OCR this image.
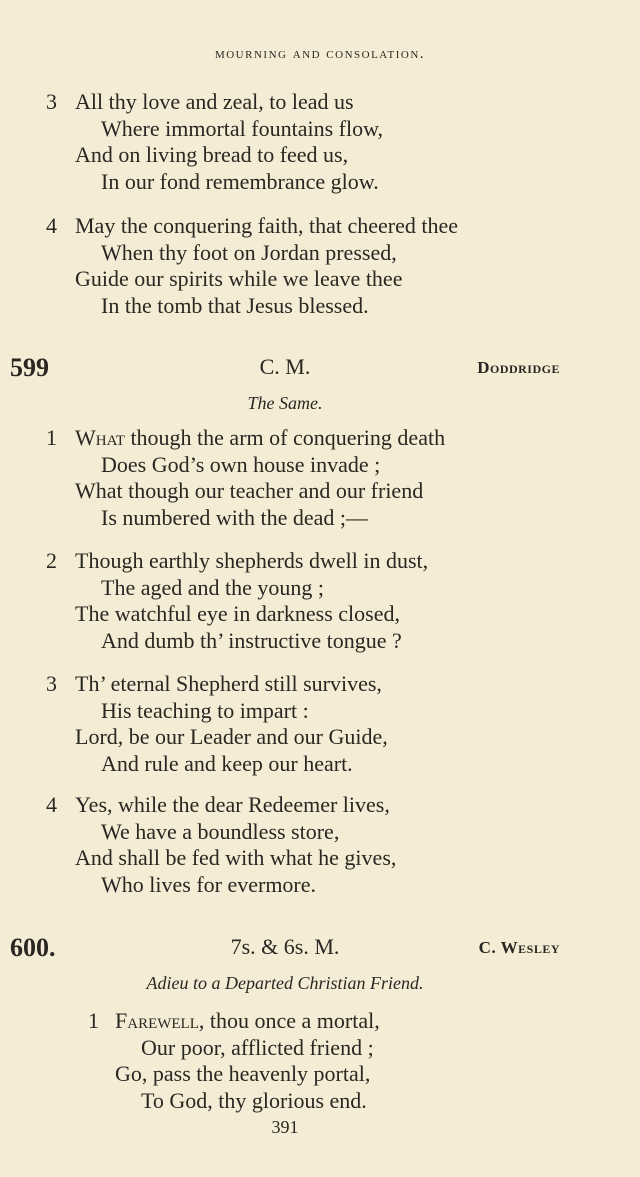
mourning and consolation.
3 All thy love and zeal, to lead us
Where immortal fountains flow,
And on living bread to feed us,
In our fond remembrance glow.
4 May the conquering faith, that cheered thee
When thy foot on Jordan pressed,
Guide our spirits while we leave thee
In the tomb that Jesus blessed.
599	C. M.	Doddridge
The Same.
1 What though the arm of conquering death
Does God’s own house invade ;
What though our teacher and our friend
Is numbered with the dead ;—
2 Though earthly shepherds dwell in dust,
The aged and the young ;
The watchful eye in darkness closed,
And dumb th’ instructive tongue ?
3 Th’ eternal Shepherd still survives,
His teaching to impart :
Lord, be our Leader and our Guide,
And rule and keep our heart.
4 Yes, while the dear Redeemer lives,
We have a boundless store,
And shall be fed with what he gives,
Who lives for evermore.
600.	7s. & 6s. M.	C. Wesley
Adieu to a Departed Christian Friend.
1 Farewell, thou once a mortal,
Our poor, afflicted friend ;
Go, pass the heavenly portal,
To God, thy glorious end.
391
